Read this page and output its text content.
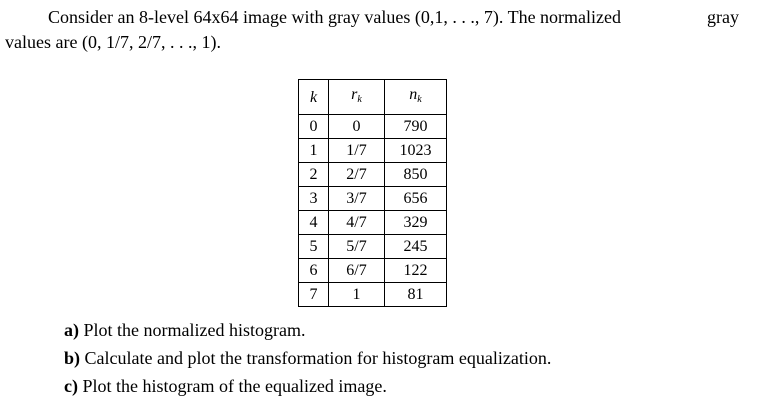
Consider an 8-level 64x64 image with gray values (0,1, . . ., 7). The normalized	gray
values are (0, 1/7, 2/7, . . ., 1).
k	$r_k$	$n_k$
0	0	790
1	1/7	1023
2	2/7	850
3	3/7	656
4	4/7	329
5	5/7	245
6	6/7	122
7	1	81
a) Plot the normalized histogram.
b) Calculate and plot the transformation for histogram equalization.
c) Plot the histogram of the equalized image.
